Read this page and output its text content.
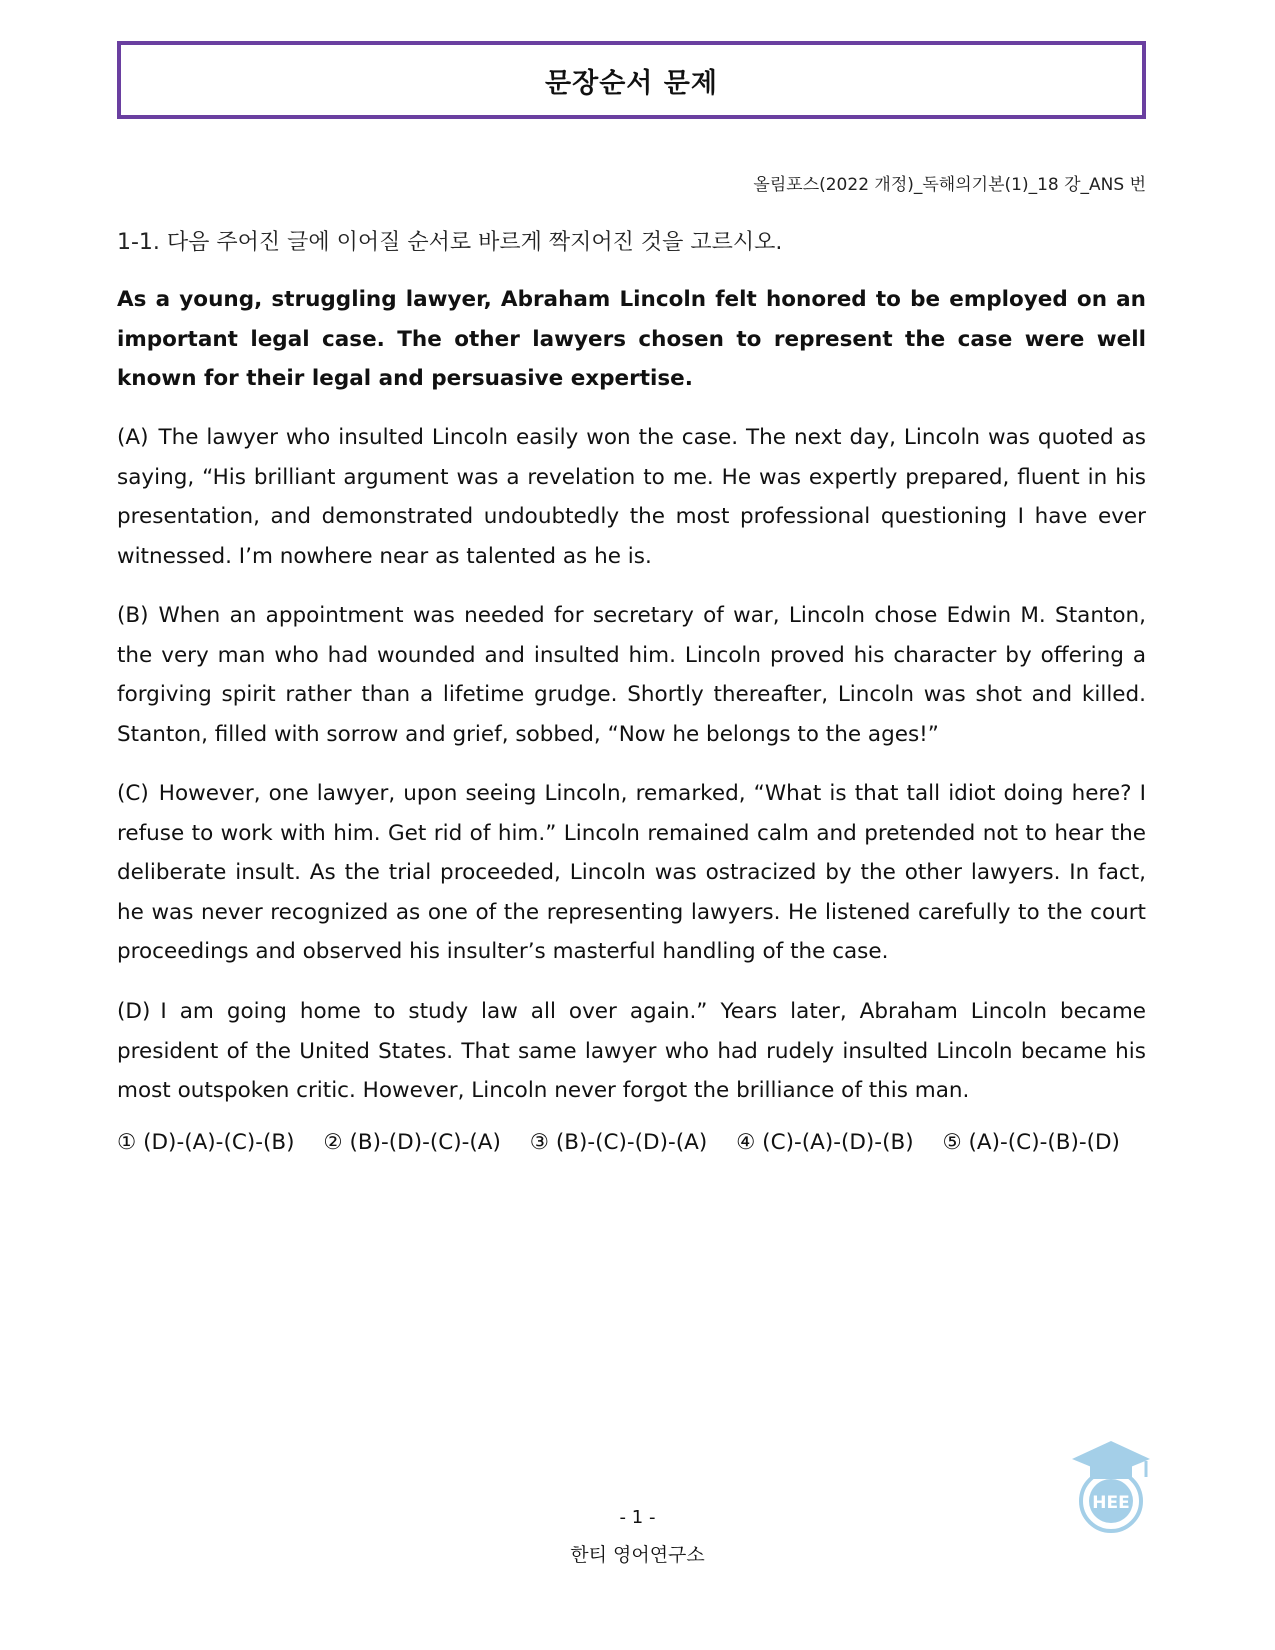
문장순서 문제
올림포스(2022 개정)_독해의기본(1)_18 강_ANS 번
1-1. 다음 주어진 글에 이어질 순서로 바르게 짝지어진 것을 고르시오.
As a young, struggling lawyer, Abraham Lincoln felt honored to be employed on an important legal case. The other lawyers chosen to represent the case were well known for their legal and persuasive expertise.
(A) The lawyer who insulted Lincoln easily won the case. The next day, Lincoln was quoted as saying, “His brilliant argument was a revelation to me. He was expertly prepared, fluent in his presentation, and demonstrated undoubtedly the most professional questioning I have ever witnessed. I’m nowhere near as talented as he is.
(B) When an appointment was needed for secretary of war, Lincoln chose Edwin M. Stanton, the very man who had wounded and insulted him. Lincoln proved his character by offering a forgiving spirit rather than a lifetime grudge. Shortly thereafter, Lincoln was shot and killed. Stanton, filled with sorrow and grief, sobbed, “Now he belongs to the ages!”
(C) However, one lawyer, upon seeing Lincoln, remarked, “What is that tall idiot doing here? I refuse to work with him. Get rid of him.” Lincoln remained calm and pretended not to hear the deliberate insult. As the trial proceeded, Lincoln was ostracized by the other lawyers. In fact, he was never recognized as one of the representing lawyers. He listened carefully to the court proceedings and observed his insulter’s masterful handling of the case.
(D) I am going home to study law all over again.” Years later, Abraham Lincoln became president of the United States. That same lawyer who had rudely insulted Lincoln became his most outspoken critic. However, Lincoln never forgot the brilliance of this man.
① (D)-(A)-(C)-(B) ② (B)-(D)-(C)-(A) ③ (B)-(C)-(D)-(A) ④ (C)-(A)-(D)-(B) ⑤ (A)-(C)-(B)-(D)
HEE
- 1 -
한티 영어연구소
